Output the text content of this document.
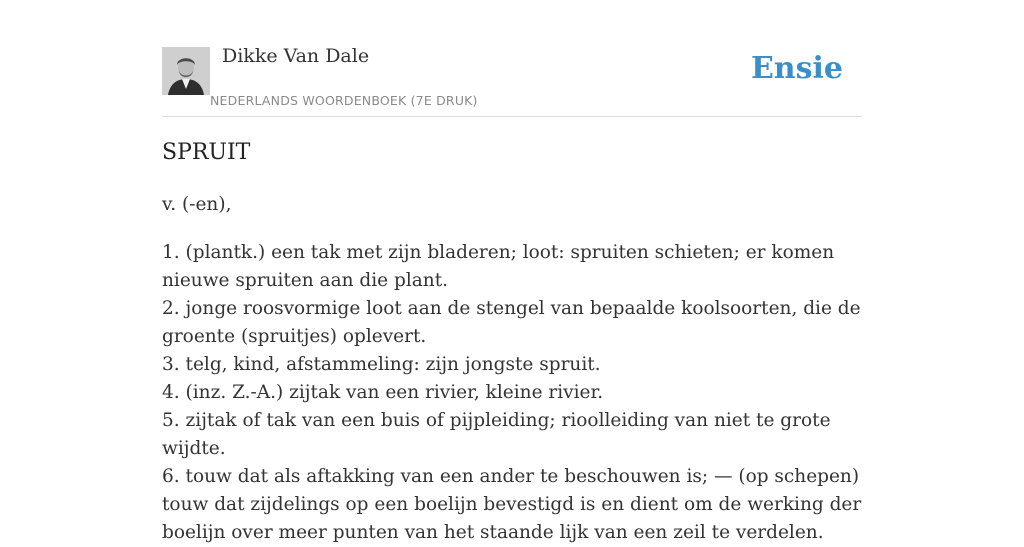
Dikke Van Dale
NEDERLANDS WOORDENBOEK (7E DRUK)
Ensie
SPRUIT
v. (-en),
1. (plantk.) een tak met zijn bladeren; loot: spruiten schieten; er komen nieuwe spruiten aan die plant.
2. jonge roosvormige loot aan de stengel van bepaalde koolsoorten, die de groente (spruitjes) oplevert.
3. telg, kind, afstammeling: zijn jongste spruit.
4. (inz. Z.-A.) zijtak van een rivier, kleine rivier.
5. zijtak of tak van een buis of pijpleiding; rioolleiding van niet te grote wijdte.
6. touw dat als aftakking van een ander te beschouwen is; — (op schepen) touw dat zijdelings op een boelijn bevestigd is en dient om de werking der boelijn over meer punten van het staande lijk van een zeil te verdelen.
